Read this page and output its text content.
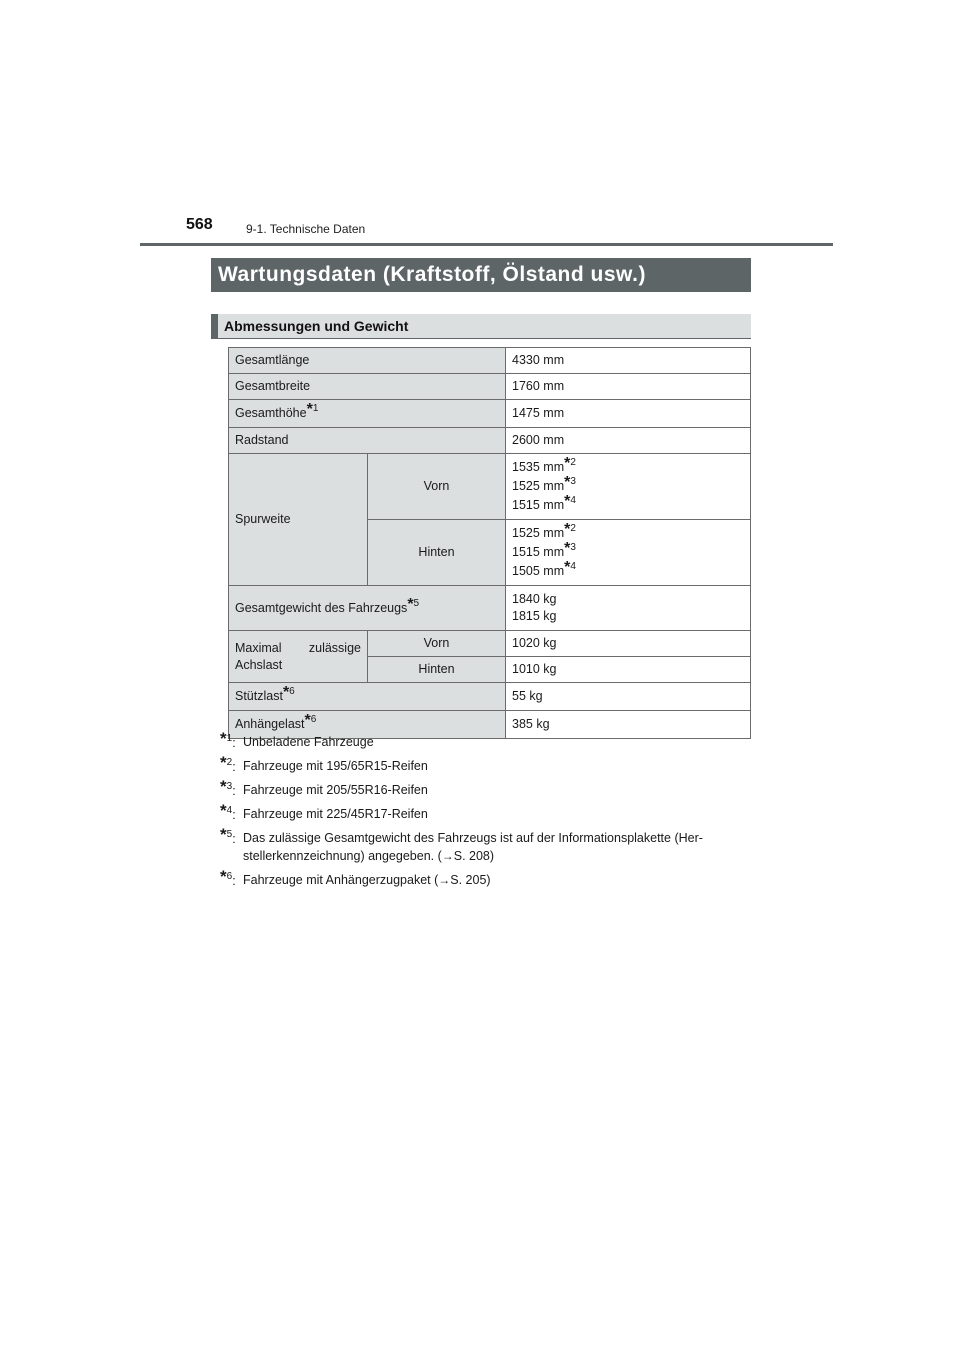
568	9-1. Technische Daten
Wartungsdaten (Kraftstoff, Ölstand usw.)
Abmessungen und Gewicht
Gesamtlänge		4330 mm
Gesamtbreite		1760 mm
Gesamthöhe*$^1$		1475 mm
Radstand		2600 mm
Spurweite	Vorn	1535 mm*$^2$
1525 mm*$^3$
1515 mm*$^4$

	Hinten	1525 mm*$^2$
1515 mm*$^3$
1505 mm*$^4$

Gesamtgewicht des Fahrzeugs*$^5$		1840 kg
1815 kg

Maximal zulässige
Achslast	Vorn	1020 kg
	Hinten	1010 kg
Stützlast*$^6$		55 kg
Anhängelast*$^6$		385 kg
*$^1$: Unbeladene Fahrzeuge
*$^2$: Fahrzeuge mit 195/65R15-Reifen
*$^3$: Fahrzeuge mit 205/55R16-Reifen
*$^4$: Fahrzeuge mit 225/45R17-Reifen
*$^5$: Das zulässige Gesamtgewicht des Fahrzeugs ist auf der Informationsplakette (Her-
stellerkennzeichnung) angegeben. (→S. 208)
*$^6$: Fahrzeuge mit Anhängerzugpaket (→S. 205)
